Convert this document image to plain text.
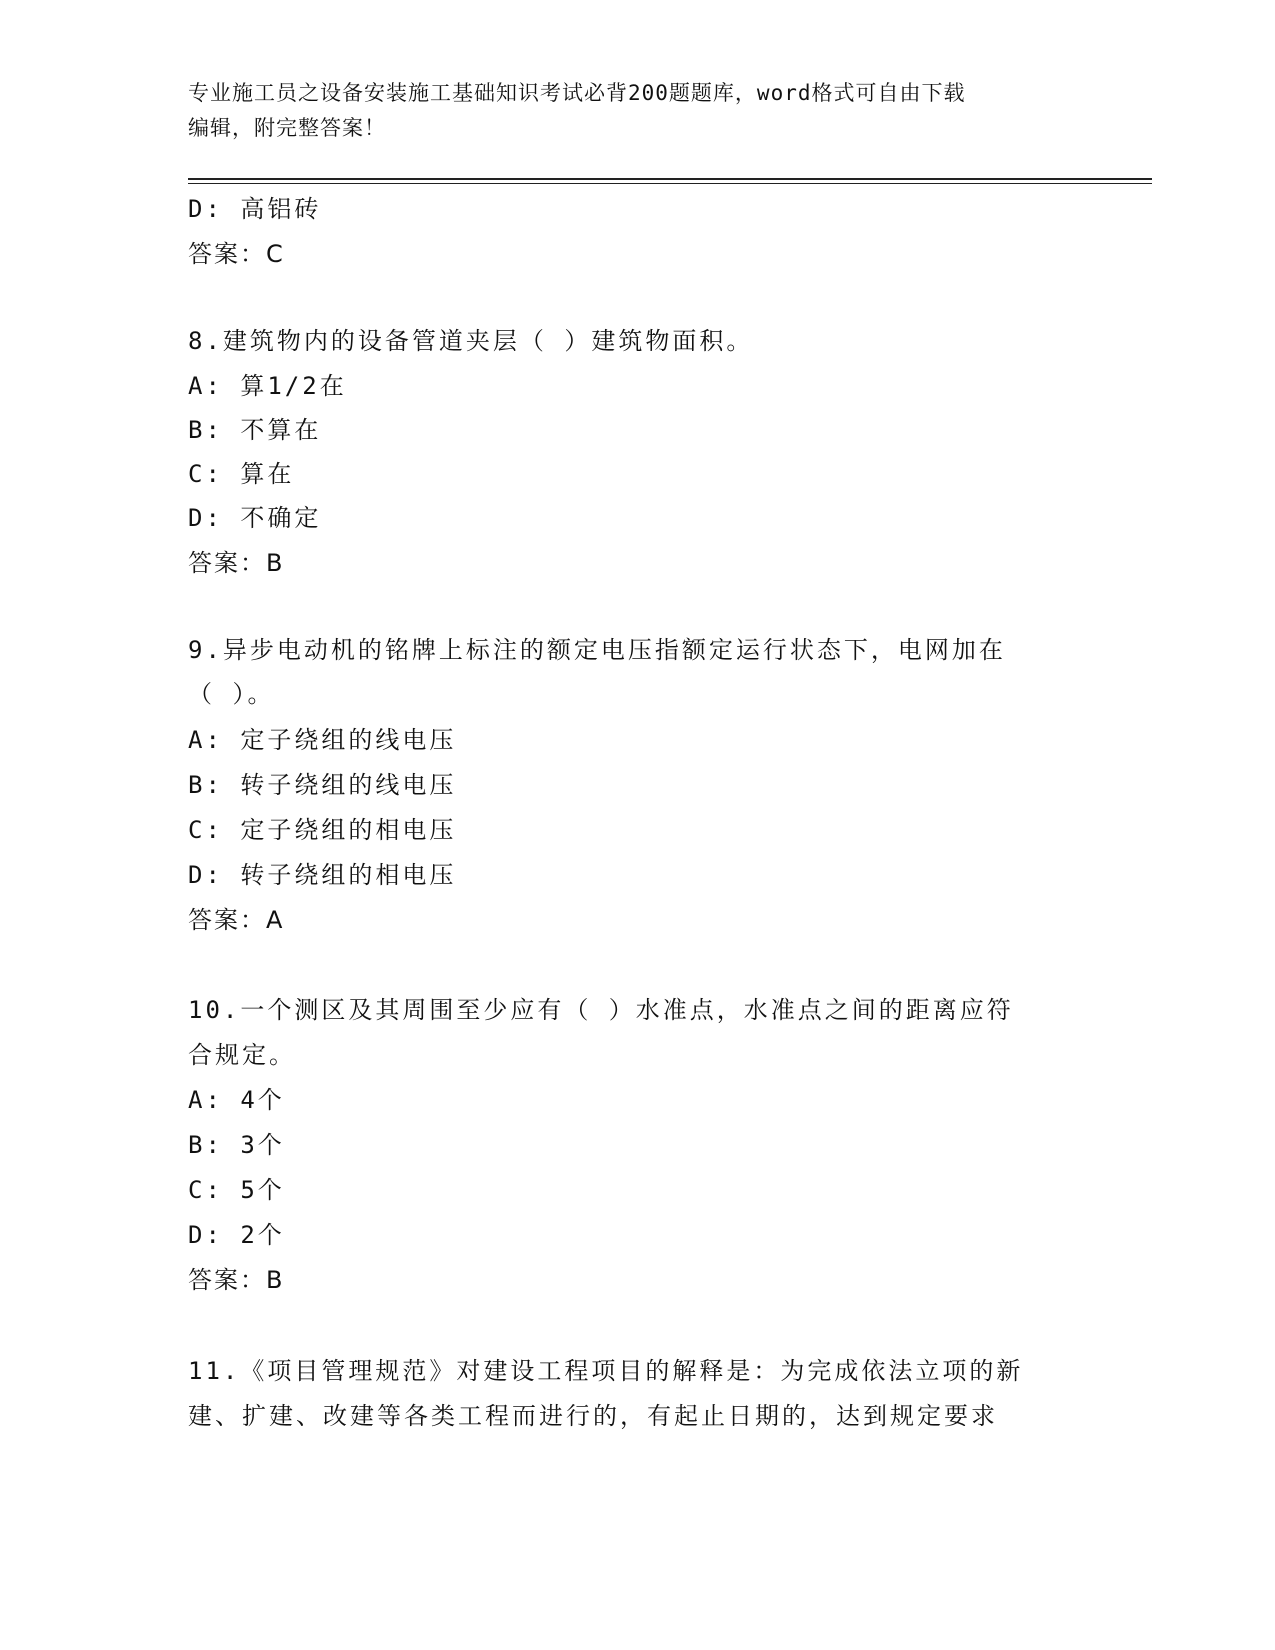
专业施工员之设备安装施工基础知识考试必背200题题库，word格式可自由下载
编辑，附完整答案！
D: 高铝砖
答案：C
8.建筑物内的设备管道夹层（ ）建筑物面积。
A: 算1/2在
B: 不算在
C: 算在
D: 不确定
答案：B
9.异步电动机的铭牌上标注的额定电压指额定运行状态下，电网加在
（ ）。
A: 定子绕组的线电压
B: 转子绕组的线电压
C: 定子绕组的相电压
D: 转子绕组的相电压
答案：A
10.一个测区及其周围至少应有（ ）水准点，水准点之间的距离应符
合规定。
A: 4个
B: 3个
C: 5个
D: 2个
答案：B
11.《项目管理规范》对建设工程项目的解释是：为完成依法立项的新
建、扩建、改建等各类工程而进行的，有起止日期的，达到规定要求
